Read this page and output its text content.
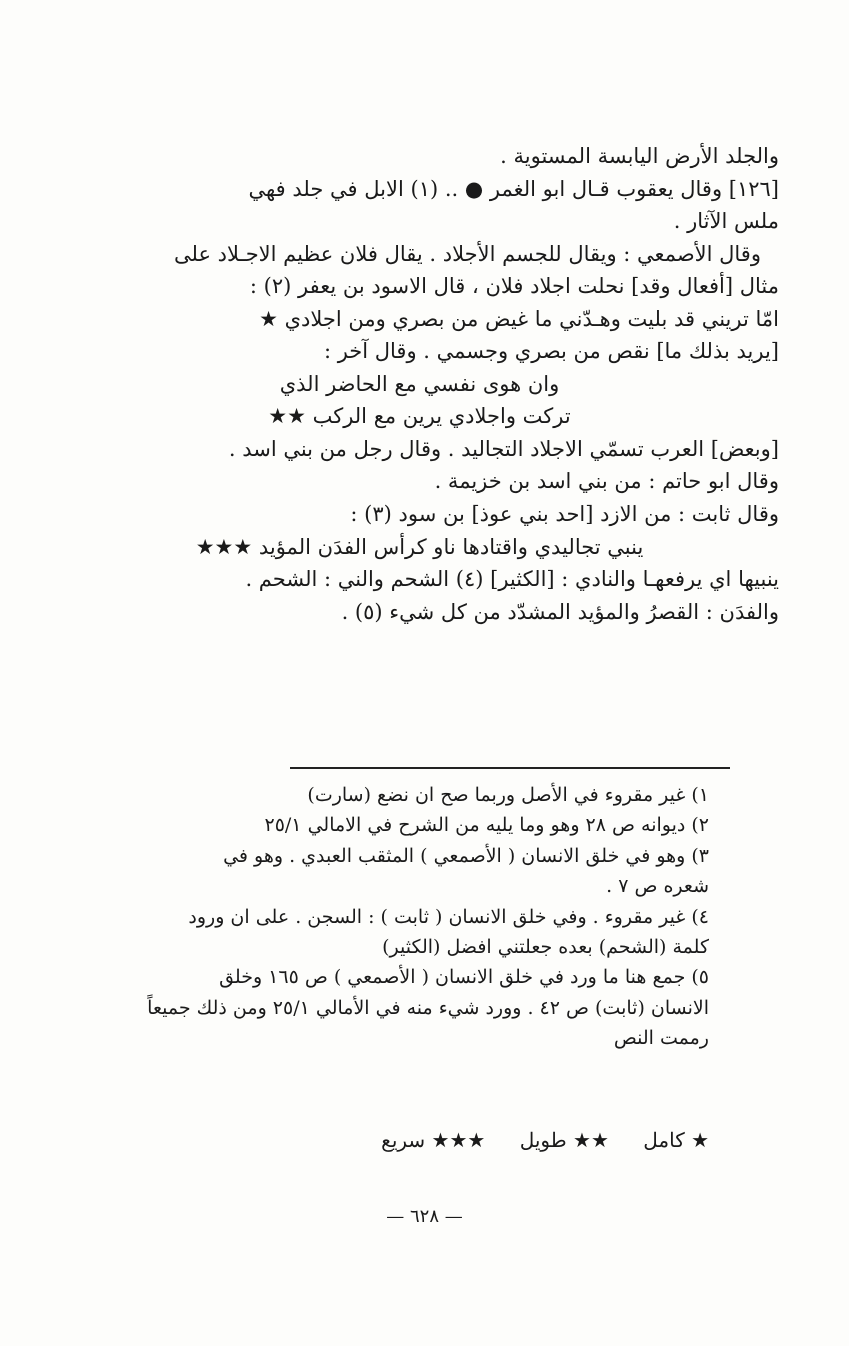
والجلد الأرض اليابسة المستوية .
[١٢٦] وقال يعقوب قـال ابو الغمر ● .. (١) الابل في جلد فهي
ملس الآثار .
وقال الأصمعي : ويقال للجسم الأجلاد . يقال فلان عظيم الاجـلاد على
مثال [أفعال وقد] نحلت اجلاد فلان ، قال الاسود بن يعفر (٢) :
امّا تريني قد بليت وهـدّني ما غيض من بصري ومن اجلادي ★
[يريد بذلك ما] نقص من بصري وجسمي . وقال آخر :
وان هوى نفسي مع الحاضر الذي
تركت واجلادي يرين مع الركب ★★
[وبعض] العرب تسمّي الاجلاد التجاليد . وقال رجل من بني اسد .
وقال ابو حاتم : من بني اسد بن خزيمة .
وقال ثابت : من الازد [احد بني عوذ] بن سود (٣) :
ينبي تجاليدي واقتادها ناو كرأس الفدَن المؤيد ★★★
ينبيها اي يرفعهـا والنادي : [الكثير] (٤) الشحم والني : الشحم .
والفدَن : القصرُ والمؤيد المشدّد من كل شيء (٥) .
١) غير مقروء في الأصل وربما صح ان نضع (سارت)
٢) ديوانه ص ٢٨ وهو وما يليه من الشرح في الامالي ٢٥/١
٣) وهو في خلق الانسان ( الأصمعي ) المثقب العبدي . وهو في
شعره ص ٧ .
٤) غير مقروء . وفي خلق الانسان ( ثابت ) : السجن . على ان ورود
كلمة (الشحم) بعده جعلتني افضل (الكثير)
٥) جمع هنا ما ورد في خلق الانسان ( الأصمعي ) ص ١٦٥ وخلق
الانسان (ثابت) ص ٤٢ . وورد شيء منه في الأمالي ٢٥/١ ومن ذلك جميعاً
رممت النص
★ كامل ★★ طويل ★★★ سريع
— ٦٢٨ —
